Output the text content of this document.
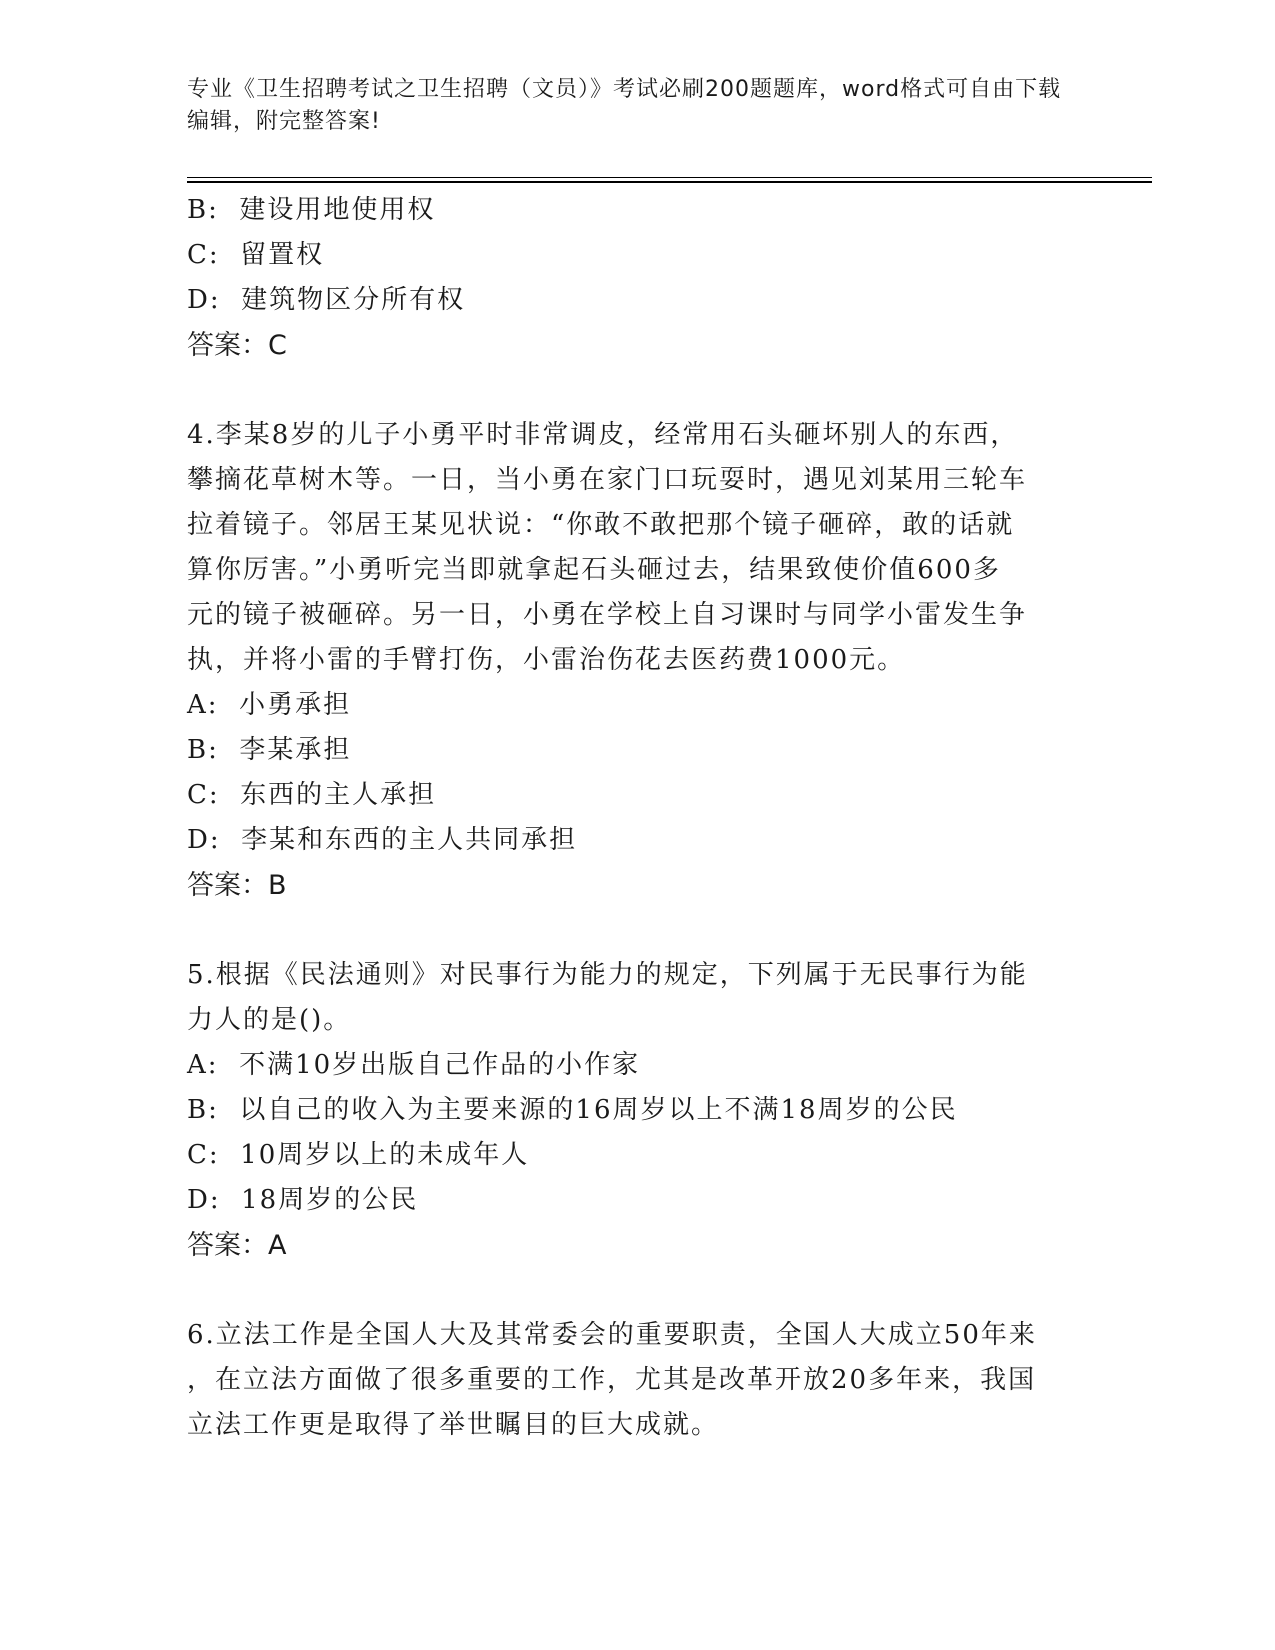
专业《卫生招聘考试之卫生招聘（文员）》考试必刷200题题库，word格式可自由下载编辑，附完整答案!

B:  建设用地使用权

C:  留置权

D:  建筑物区分所有权

答案：C

4.李某8岁的儿子小勇平时非常调皮，经常用石头砸坏别人的东西，
攀摘花草树木等。一日，当小勇在家门口玩耍时，遇见刘某用三轮车
拉着镜子。邻居王某见状说：“你敢不敢把那个镜子砸碎，敢的话就
算你厉害。”小勇听完当即就拿起石头砸过去，结果致使价值600多
元的镜子被砸碎。另一日，小勇在学校上自习课时与同学小雷发生争
执，并将小雷的手臂打伤，小雷治伤花去医药费1000元。

A:  小勇承担

B:  李某承担

C:  东西的主人承担

D:  李某和东西的主人共同承担

答案：B

5.根据《民法通则》对民事行为能力的规定，下列属于无民事行为能
力人的是()。

A:  不满10岁出版自己作品的小作家

B:  以自己的收入为主要来源的16周岁以上不满18周岁的公民

C:  10周岁以上的未成年人

D:  18周岁的公民

答案：A

6.立法工作是全国人大及其常委会的重要职责，全国人大成立50年来
，在立法方面做了很多重要的工作，尤其是改革开放20多年来，我国
立法工作更是取得了举世瞩目的巨大成就。
